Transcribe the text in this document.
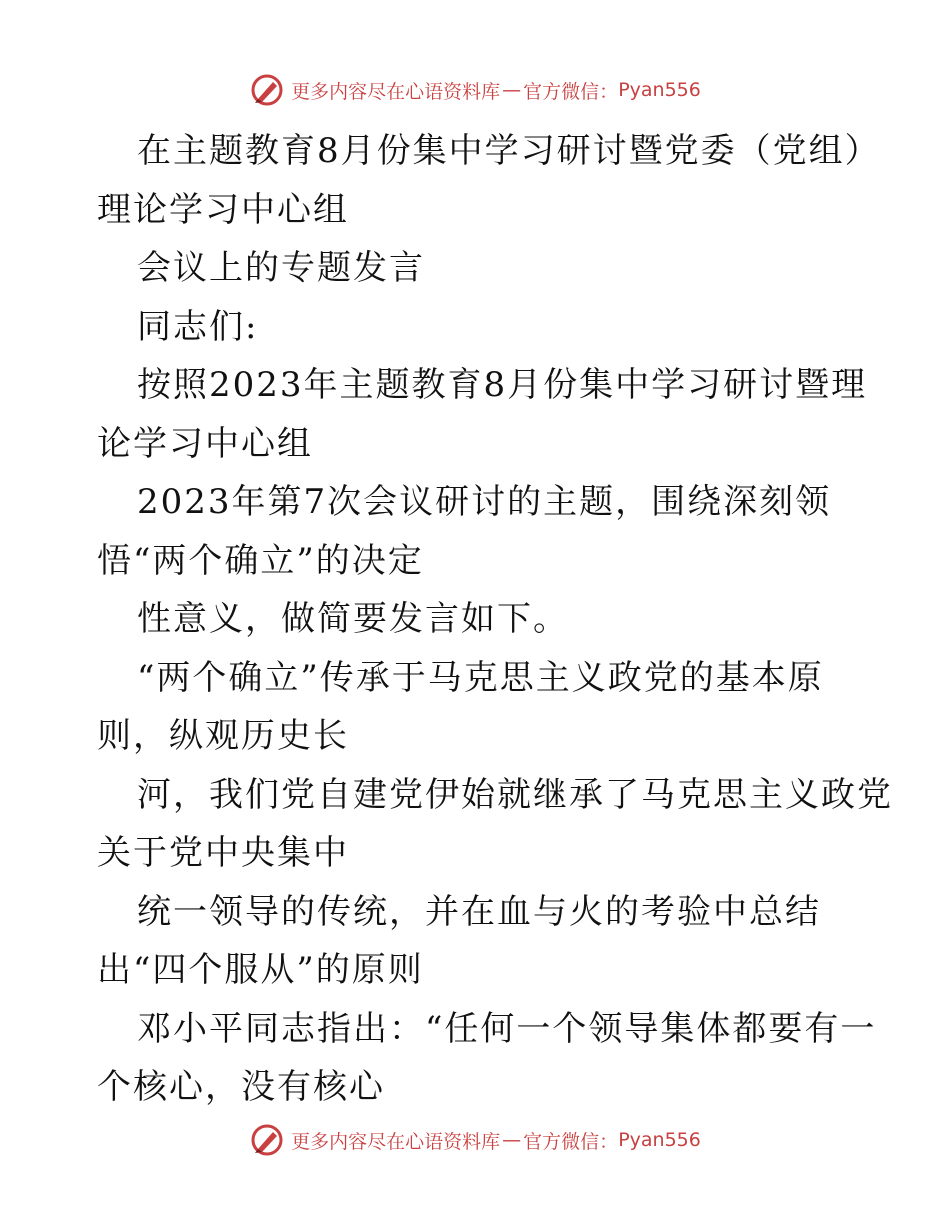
更多内容尽在心语资料库 — 官方微信： Pyan556
在主题教育8月份集中学习研讨暨党委（党组）
理论学习中心组
会议上的专题发言
同志们:
按照2023年主题教育8月份集中学习研讨暨理
论学习中心组
2023年第7次会议研讨的主题，围绕深刻领
悟“两个确立”的决定
性意义，做简要发言如下。
“两个确立”传承于马克思主义政党的基本原
则，纵观历史长
河，我们党自建党伊始就继承了马克思主义政党
关于党中央集中
统一领导的传统，并在血与火的考验中总结
出“四个服从”的原则
邓小平同志指出：“任何一个领导集体都要有一
个核心，没有核心
更多内容尽在心语资料库 — 官方微信： Pyan556
